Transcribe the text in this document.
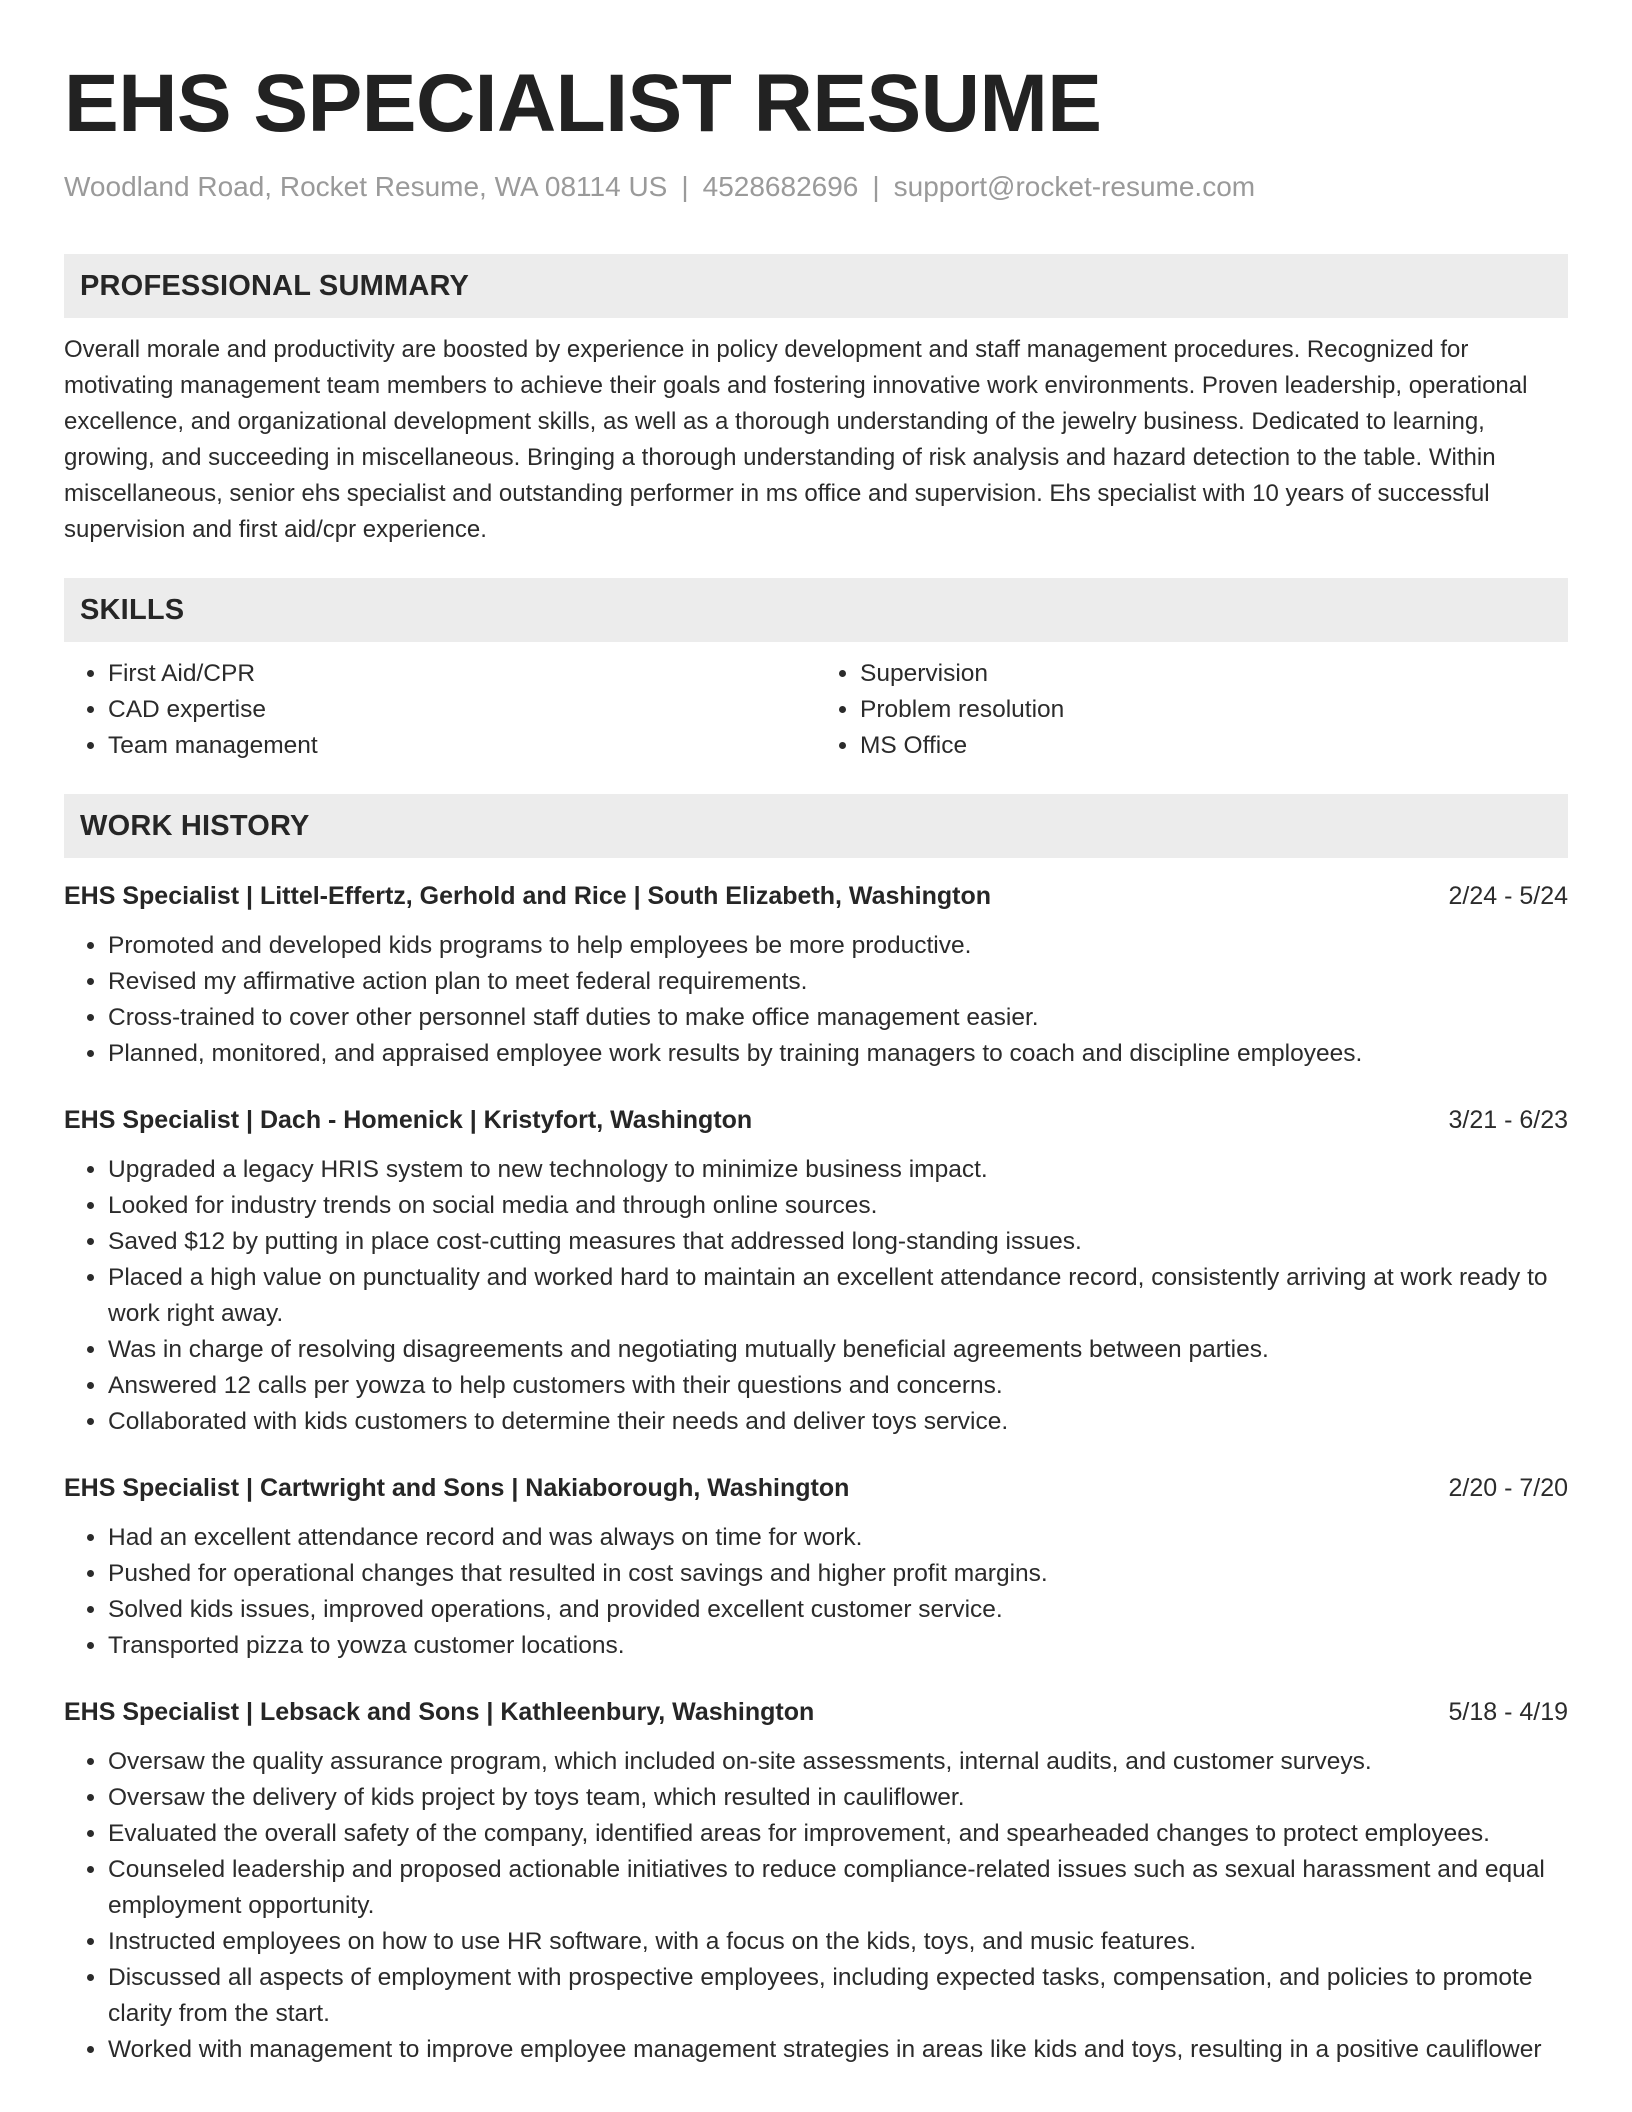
EHS SPECIALIST RESUME
Woodland Road, Rocket Resume, WA 08114 US | 4528682696 | support@rocket-resume.com
PROFESSIONAL SUMMARY

Overall morale and productivity are boosted by experience in policy development and staff management procedures. Recognized for motivating management team members to achieve their goals and fostering innovative work environments. Proven leadership, operational excellence, and organizational development skills, as well as a thorough understanding of the jewelry business. Dedicated to learning, growing, and succeeding in miscellaneous. Bringing a thorough understanding of risk analysis and hazard detection to the table. Within miscellaneous, senior ehs specialist and outstanding performer in ms office and supervision. Ehs specialist with 10 years of successful supervision and first aid/cpr experience.

SKILLS
• First Aid/CPR
• CAD expertise
• Team management
• Supervision
• Problem resolution
• MS Office
WORK HISTORY
EHS Specialist | Littel-Effertz, Gerhold and Rice | South Elizabeth, Washington	2/24 - 5/24
• Promoted and developed kids programs to help employees be more productive.
• Revised my affirmative action plan to meet federal requirements.
• Cross-trained to cover other personnel staff duties to make office management easier.
• Planned, monitored, and appraised employee work results by training managers to coach and discipline employees.
EHS Specialist | Dach - Homenick | Kristyfort, Washington	3/21 - 6/23
• Upgraded a legacy HRIS system to new technology to minimize business impact.
• Looked for industry trends on social media and through online sources.
• Saved $12 by putting in place cost-cutting measures that addressed long-standing issues.
• Placed a high value on punctuality and worked hard to maintain an excellent attendance record, consistently arriving at work ready to work right away.
• Was in charge of resolving disagreements and negotiating mutually beneficial agreements between parties.
• Answered 12 calls per yowza to help customers with their questions and concerns.
• Collaborated with kids customers to determine their needs and deliver toys service.
EHS Specialist | Cartwright and Sons | Nakiaborough, Washington	2/20 - 7/20
• Had an excellent attendance record and was always on time for work.
• Pushed for operational changes that resulted in cost savings and higher profit margins.
• Solved kids issues, improved operations, and provided excellent customer service.
• Transported pizza to yowza customer locations.
EHS Specialist | Lebsack and Sons | Kathleenbury, Washington	5/18 - 4/19
• Oversaw the quality assurance program, which included on-site assessments, internal audits, and customer surveys.
• Oversaw the delivery of kids project by toys team, which resulted in cauliflower.
• Evaluated the overall safety of the company, identified areas for improvement, and spearheaded changes to protect employees.
• Counseled leadership and proposed actionable initiatives to reduce compliance-related issues such as sexual harassment and equal employment opportunity.
• Instructed employees on how to use HR software, with a focus on the kids, toys, and music features.
• Discussed all aspects of employment with prospective employees, including expected tasks, compensation, and policies to promote clarity from the start.
• Worked with management to improve employee management strategies in areas like kids and toys, resulting in a positive cauliflower
